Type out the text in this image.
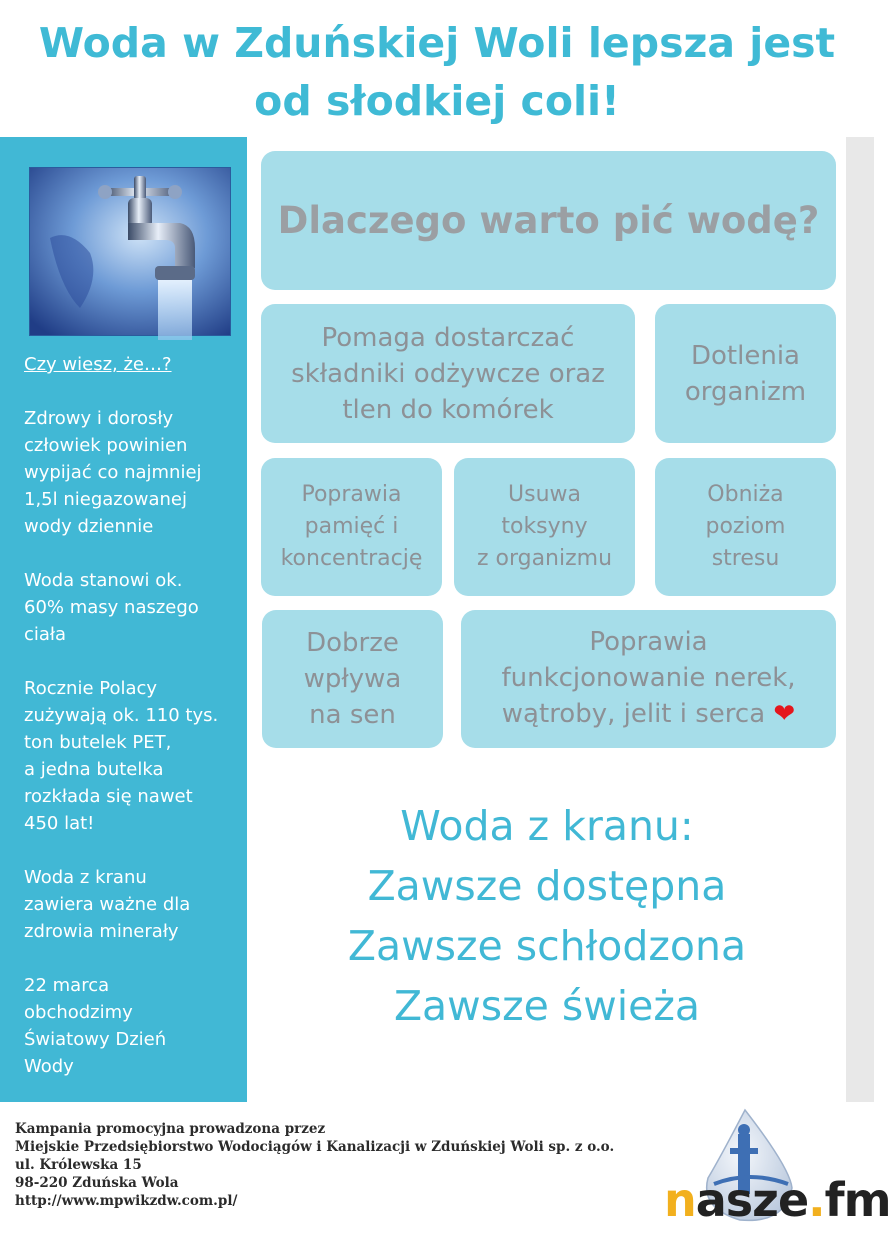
Woda w Zduńskiej Woli lepsza jest
od słodkiej coli!

Czy wiesz, że…?

Zdrowy i dorosły
człowiek powinien
wypijać co najmniej
1,5l niegazowanej
wody dziennie

Woda stanowi ok.
60% masy naszego
ciała

Rocznie Polacy
zużywają ok. 110 tys.
ton butelek PET,
a jedna butelka
rozkłada się nawet
450 lat!

Woda z kranu
zawiera ważne dla
zdrowia minerały

22 marca
obchodzimy
Światowy Dzień
Wody

Dlaczego warto pić wodę?
Pomaga dostarczać
składniki odżywcze oraz
tlen do komórek
Dotlenia
organizm
Poprawia
pamięć i
koncentrację
Usuwa
toksyny
z organizmu
Obniża
poziom
stresu
Dobrze
wpływa
na sen
Poprawia
funkcjonowanie nerek,
wątroby, jelit i serca ❤
Woda z kranu:
Zawsze dostępna
Zawsze schłodzona
Zawsze świeża
Kampania promocyjna prowadzona przez
Miejskie Przedsiębiorstwo Wodociągów i Kanalizacji w Zduńskiej Woli sp. z o.o.
ul. Królewska 15
98-220 Zduńska Wola
http://www.mpwikzdw.com.pl/	nasze.fm
